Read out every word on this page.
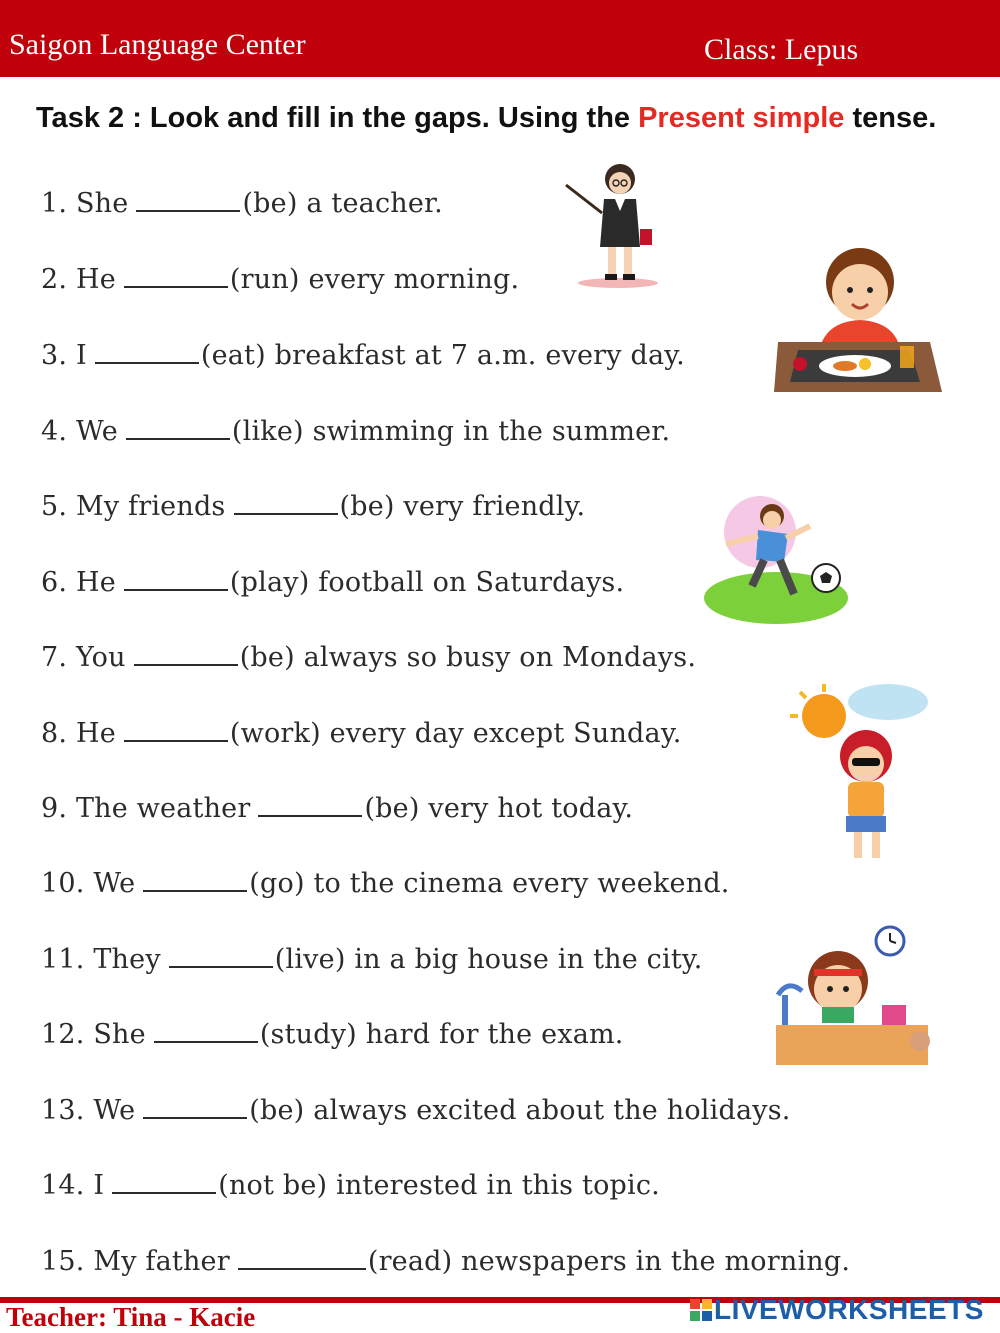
Saigon Language Center	Class: Lepus
Task 2 : Look and fill in the gaps. Using the Present simple tense.
1. She	(be) a teacher.
2. He	(run) every morning.
3. I	(eat) breakfast at 7 a.m. every day.
4. We	(like) swimming in the summer.
5. My friends	(be) very friendly.
6. He	(play) football on Saturdays.
7. You	(be) always so busy on Mondays.
8. He	(work) every day except Sunday.
9. The weather	(be) very hot today.
10. We	(go) to the cinema every weekend.
11. They	(live) in a big house in the city.
12. She	(study) hard for the exam.
13. We	(be) always excited about the holidays.
14. I	(not be) interested in this topic.
15. My father	(read) newspapers in the morning.
Teacher: Tina - Kacie	LIVEWORKSHEETS
